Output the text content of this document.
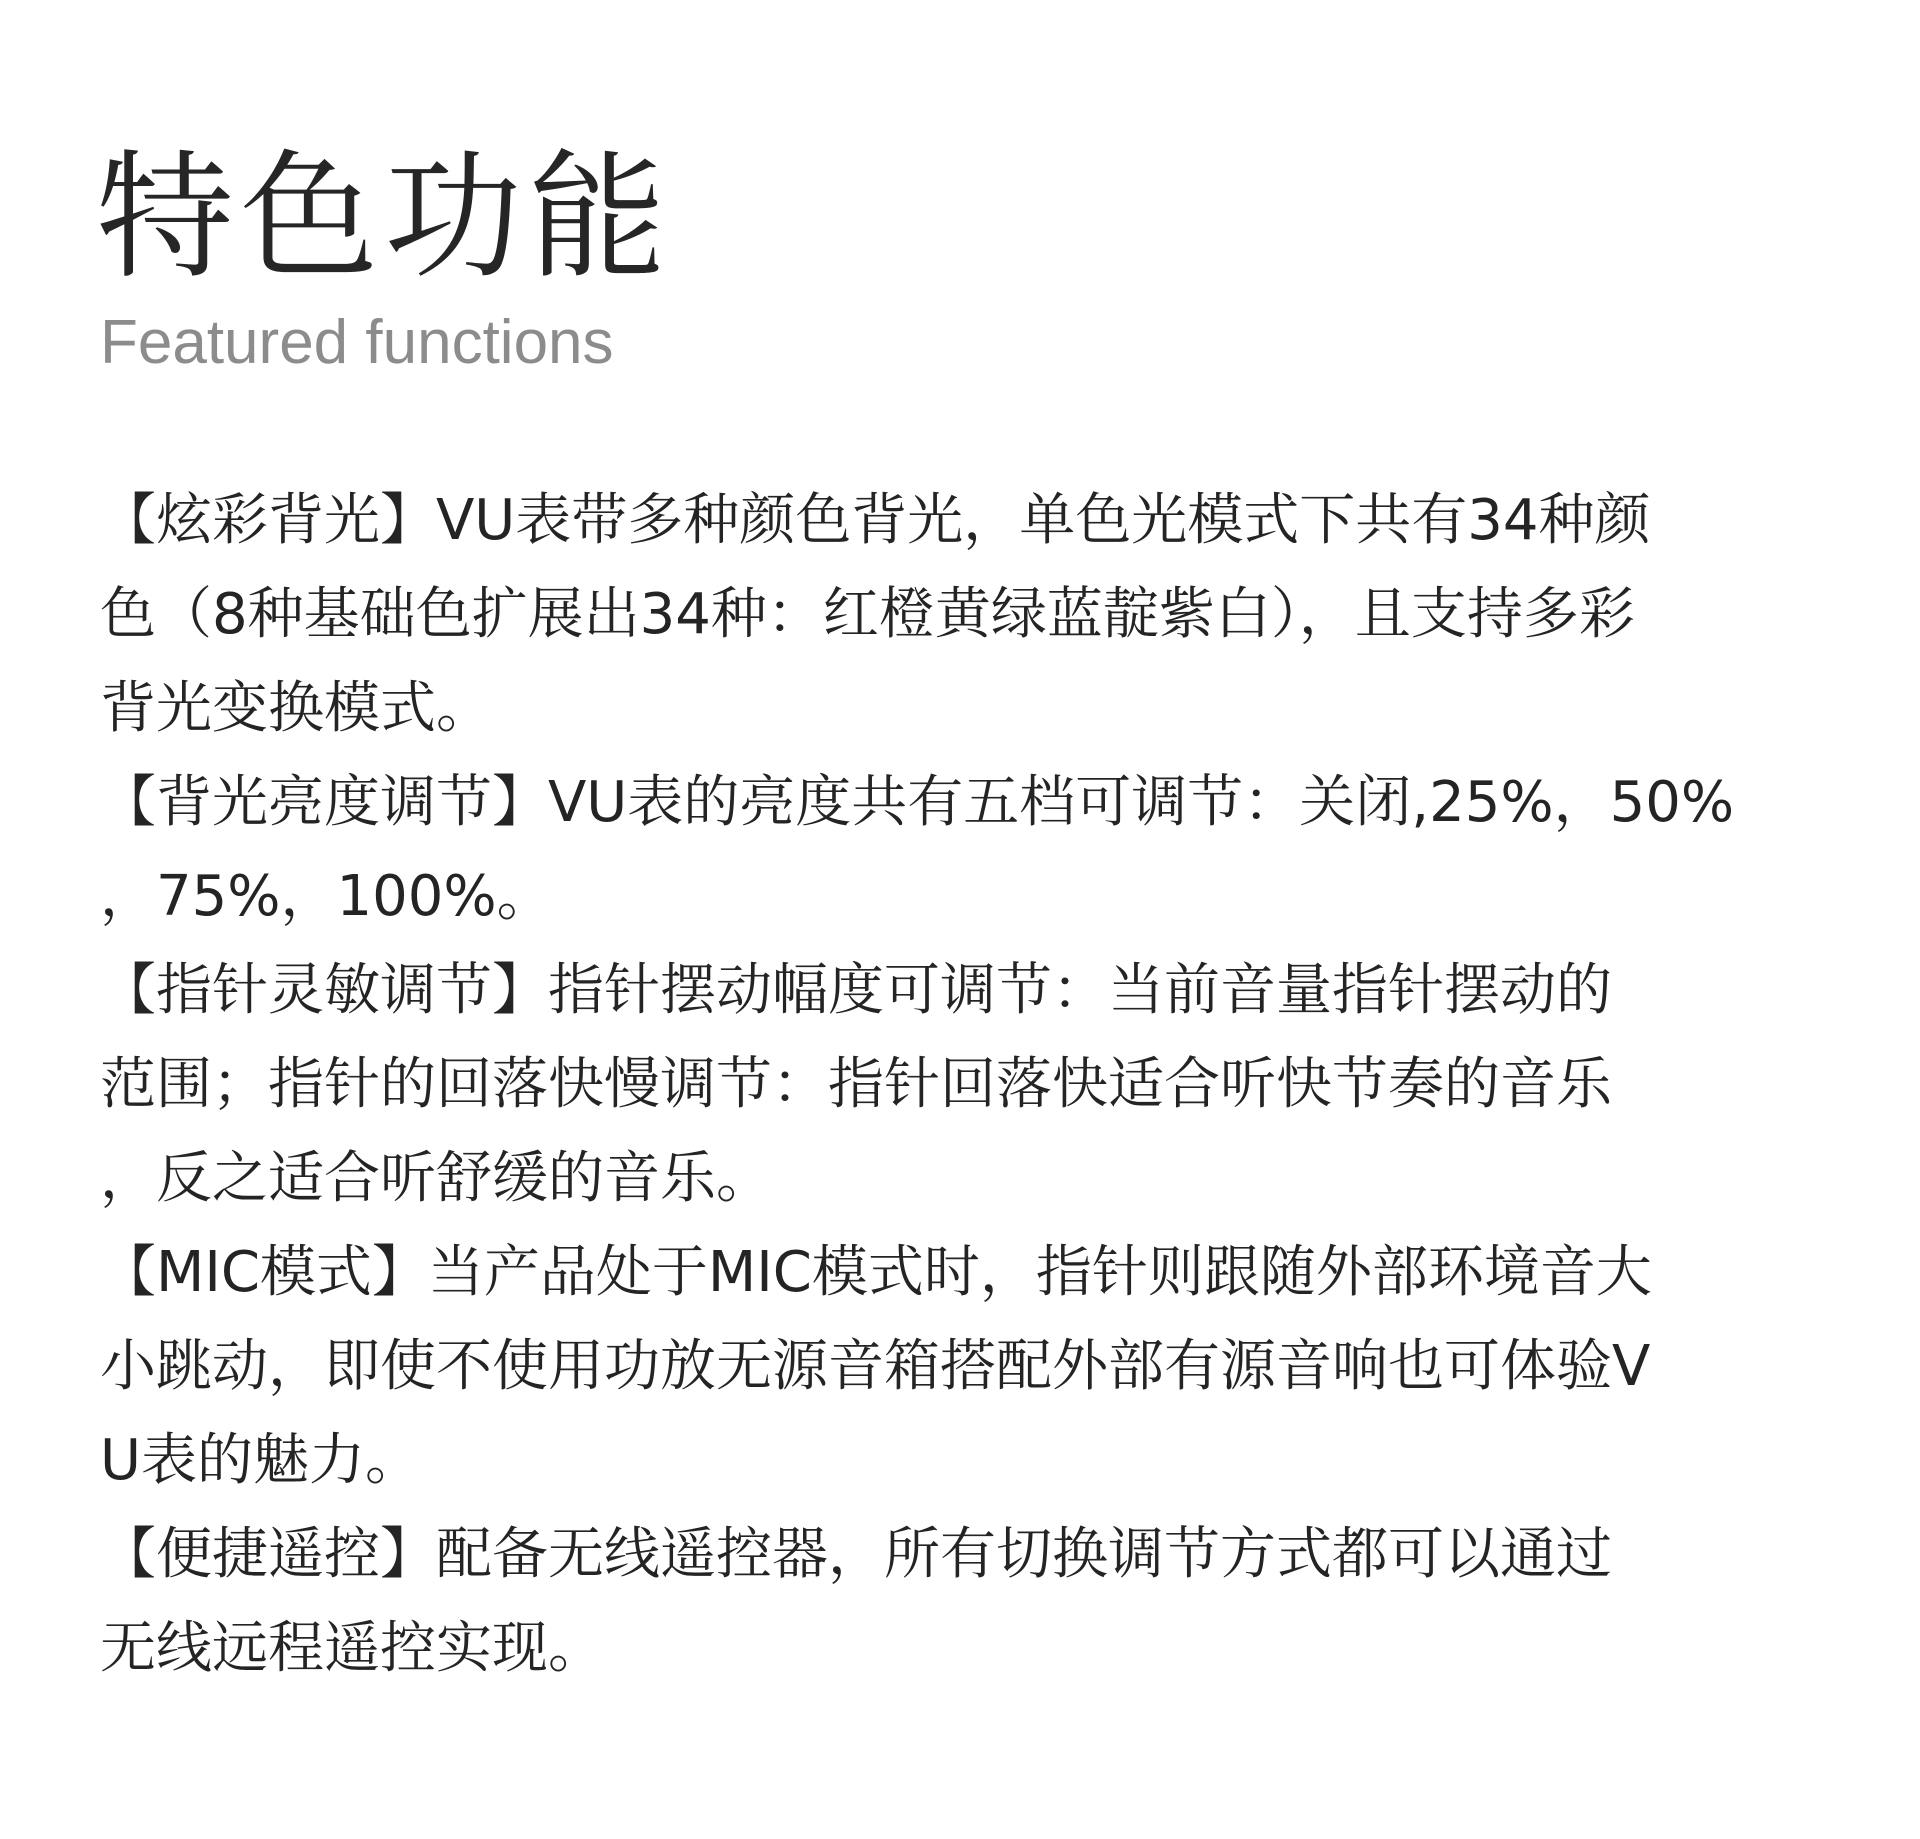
特色功能

Featured functions

【炫彩背光】VU表带多种颜色背光，单色光模式下共有34种颜
色（8种基础色扩展出34种：红橙黄绿蓝靛紫白），且支持多彩
背光变换模式。
【背光亮度调节】VU表的亮度共有五档可调节：关闭,25%，50%
，75%，100%。
【指针灵敏调节】指针摆动幅度可调节：当前音量指针摆动的
范围；指针的回落快慢调节：指针回落快适合听快节奏的音乐
，反之适合听舒缓的音乐。
【MIC模式】当产品处于MIC模式时，指针则跟随外部环境音大
小跳动，即使不使用功放无源音箱搭配外部有源音响也可体验V
U表的魅力。
【便捷遥控】配备无线遥控器，所有切换调节方式都可以通过
无线远程遥控实现。
